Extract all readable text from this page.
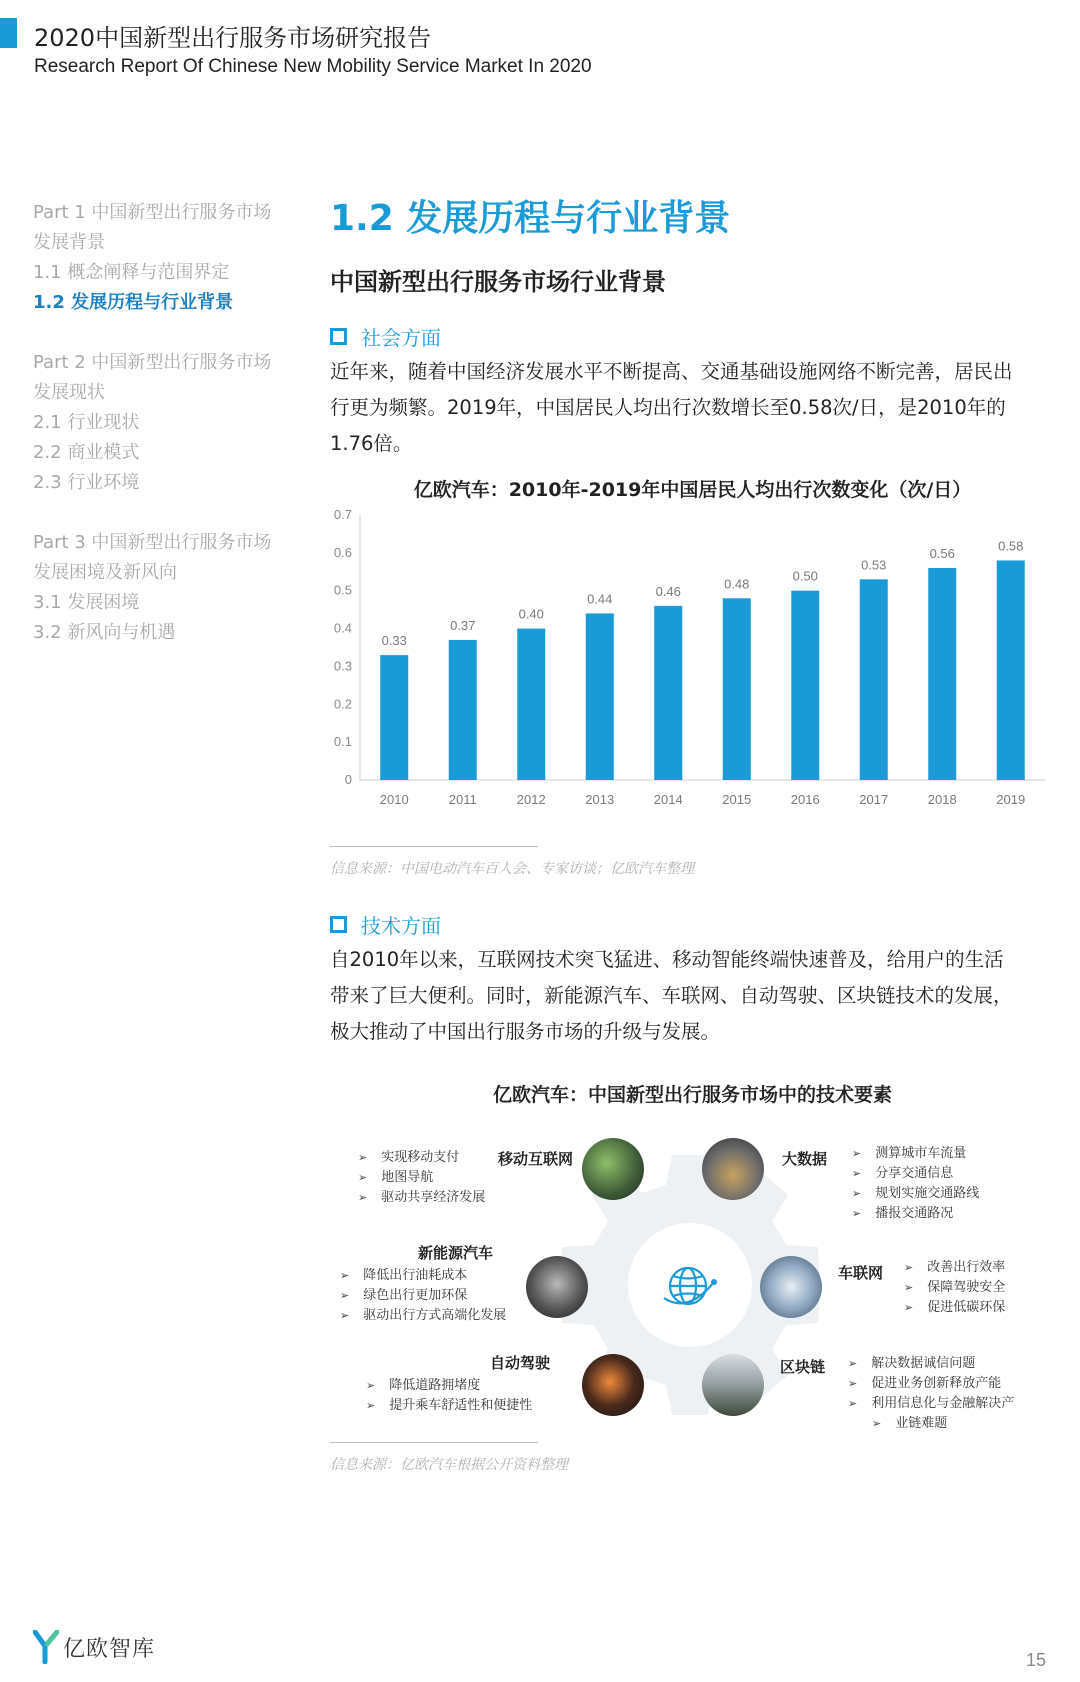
2020中国新型出行服务市场研究报告
Research Report Of Chinese New Mobility Service Market In 2020
Part 1 中国新型出行服务市场
发展背景
1.1 概念阐释与范围界定
1.2 发展历程与行业背景
Part 2 中国新型出行服务市场
发展现状
2.1 行业现状
2.2 商业模式
2.3 行业环境
Part 3 中国新型出行服务市场
发展困境及新风向
3.1 发展困境
3.2 新风向与机遇
1.2 发展历程与行业背景
中国新型出行服务市场行业背景
社会方面
近年来，随着中国经济发展水平不断提高、交通基础设施网络不断完善，居民出
行更为频繁。2019年，中国居民人均出行次数增长至0.58次/日，是2010年的
1.76倍。
亿欧汽车：2010年-2019年中国居民人均出行次数变化（次/日）
0
0.1
0.2
0.3
0.4
0.5
0.6
0.7
0.33
2010
0.37
2011
0.40
2012
0.44
2013
0.46
2014
0.48
2015
0.50
2016
0.53
2017
0.56
2018
0.58
2019
信息来源：中国电动汽车百人会、专家访谈；亿欧汽车整理
技术方面
自2010年以来，互联网技术突飞猛进、移动智能终端快速普及，给用户的生活
带来了巨大便利。同时，新能源汽车、车联网、自动驾驶、区块链技术的发展，
极大推动了中国出行服务市场的升级与发展。
亿欧汽车：中国新型出行服务市场中的技术要素
➢ 实现移动支付
➢ 地图导航
➢ 驱动共享经济发展
移动互联网	大数据	➢ 测算城市车流量
➢ 分享交通信息
➢ 规划实施交通路线
➢ 播报交通路况
新能源汽车
➢ 降低出行油耗成本
➢ 绿色出行更加环保
➢ 驱动出行方式高端化发展
车联网	➢ 改善出行效率
➢ 保障驾驶安全
➢ 促进低碳环保
自动驾驶
➢ 降低道路拥堵度
➢ 提升乘车舒适性和便捷性
区块链	➢ 解决数据诚信问题
➢ 促进业务创新释放产能
➢ 利用信息化与金融解决产
➢ 业链难题
信息来源：亿欧汽车根据公开资料整理
亿欧智库	15
